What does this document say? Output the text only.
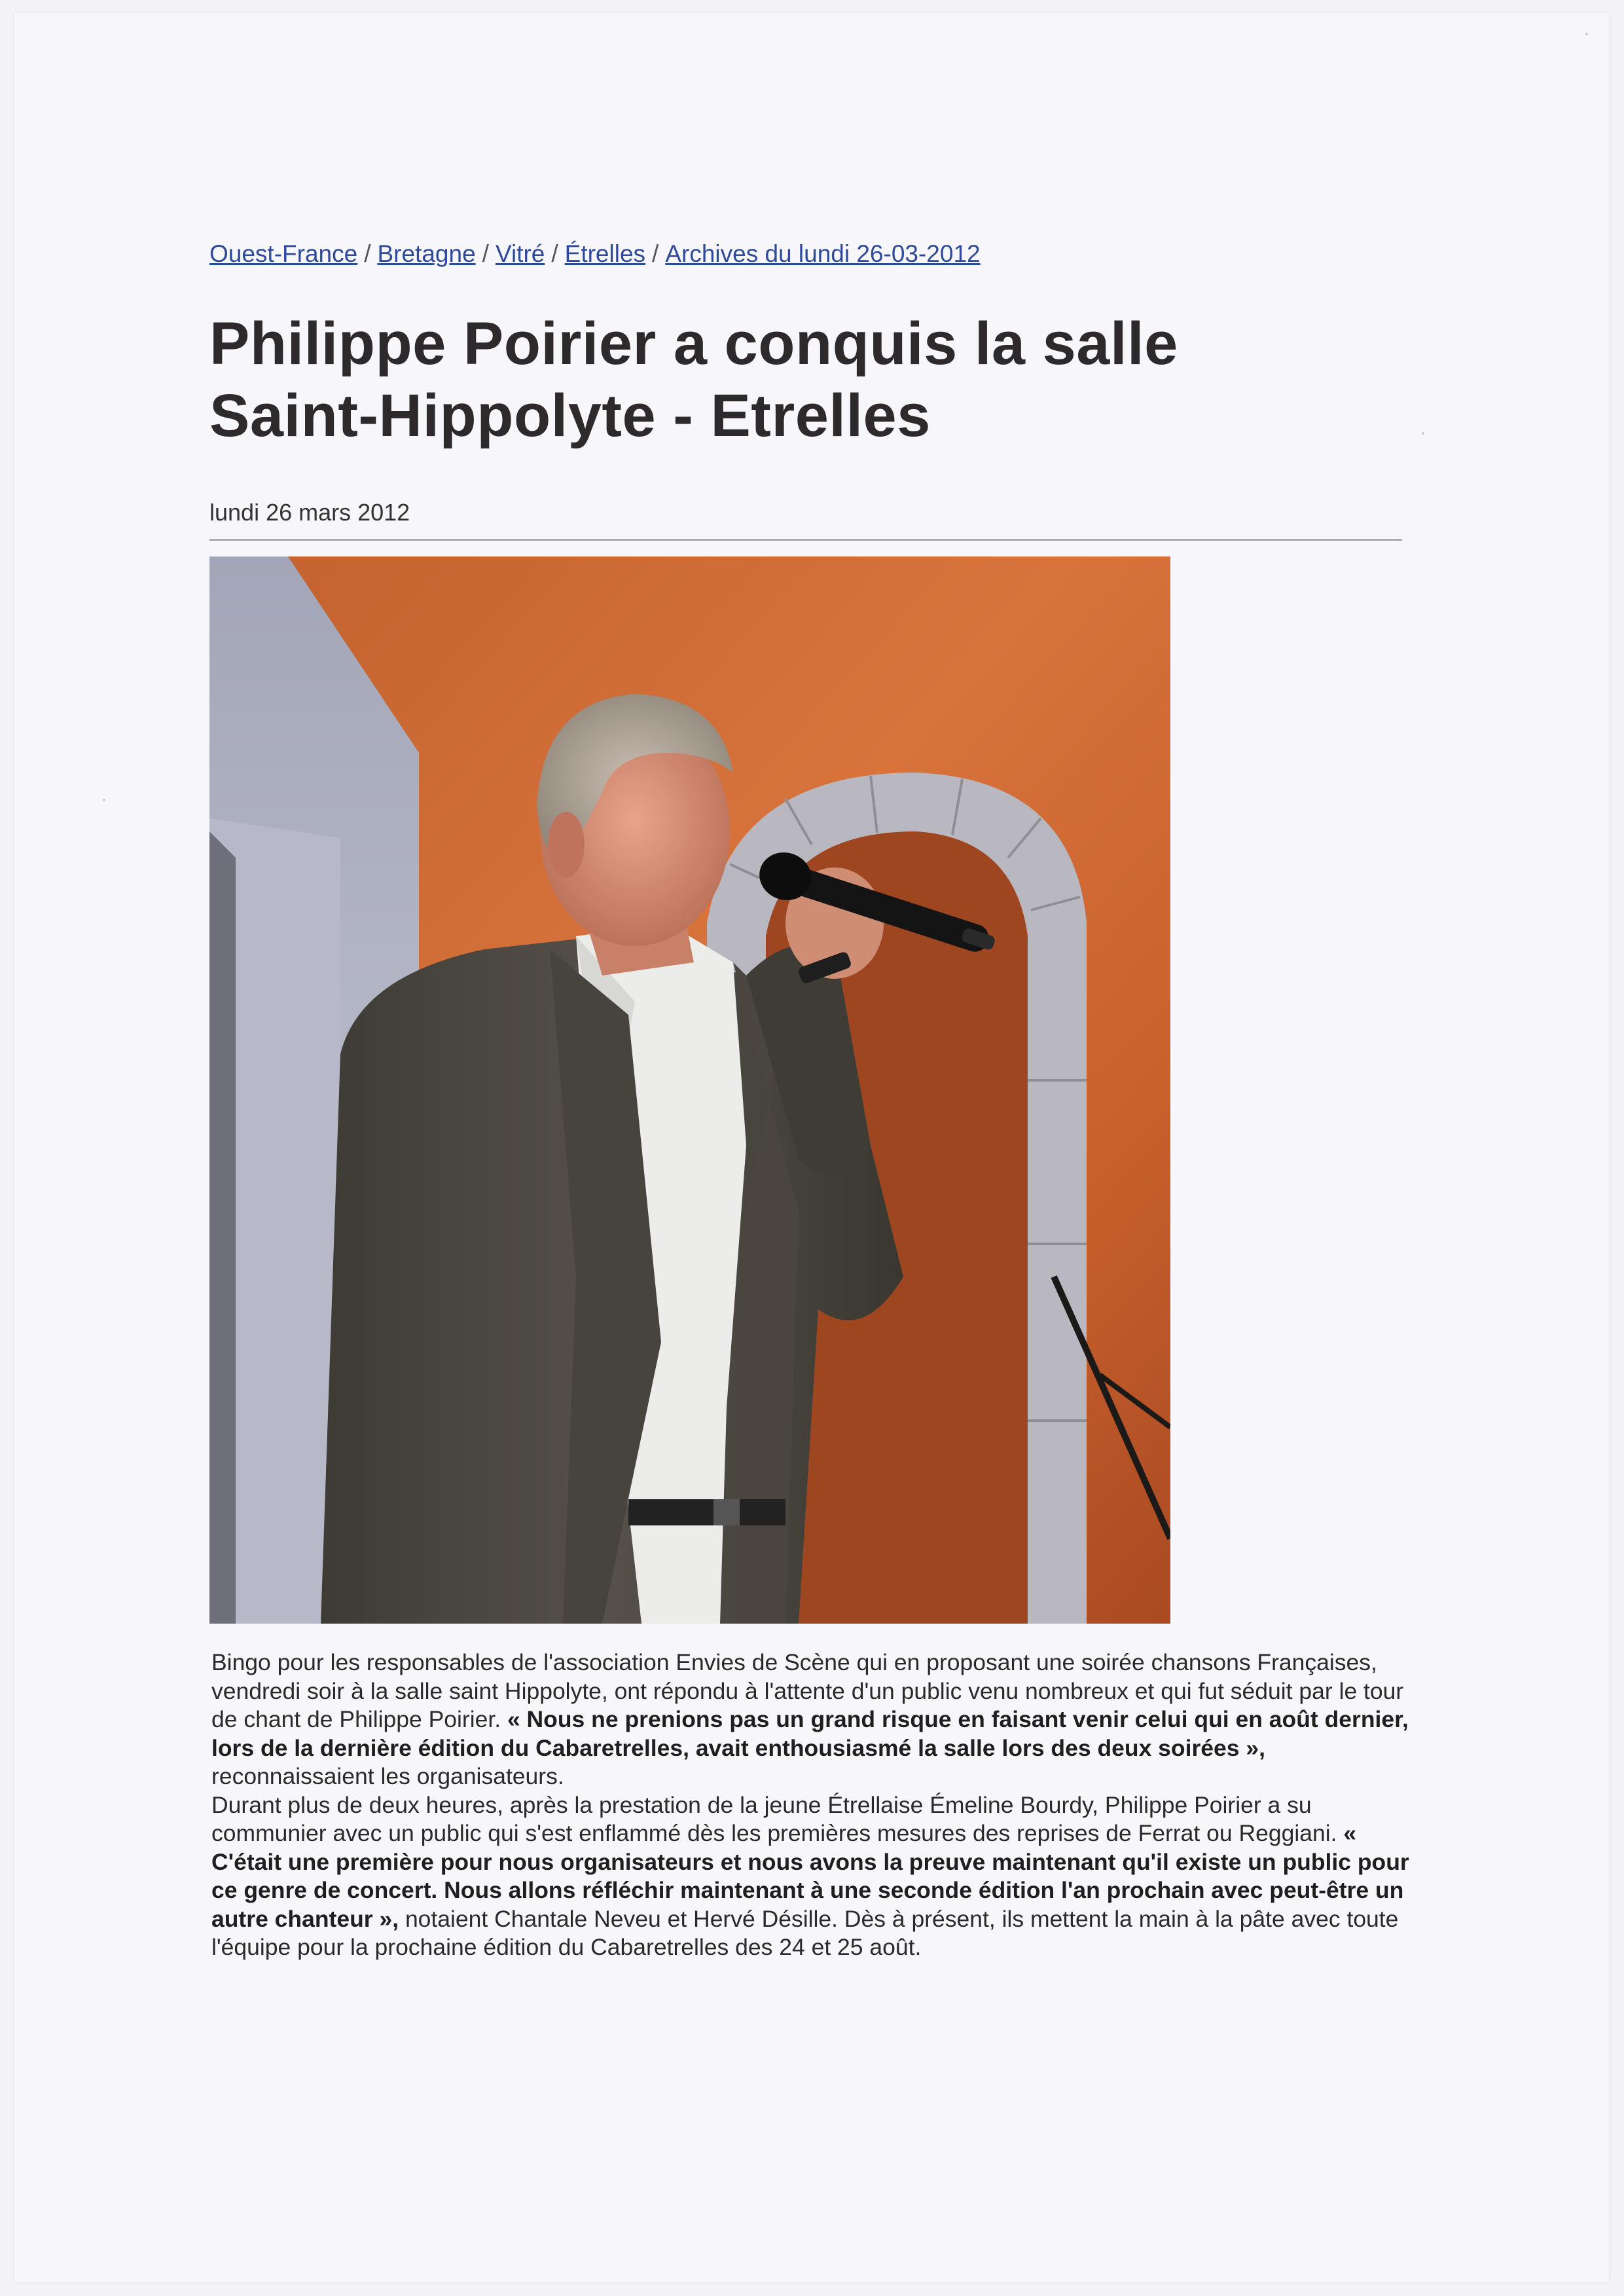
Ouest-France / Bretagne / Vitré / Étrelles / Archives du lundi 26-03-2012
Philippe Poirier a conquis la salle
Saint-Hippolyte - Etrelles
lundi 26 mars 2012

Bingo pour les responsables de l'association Envies de Scène qui en proposant une soirée chansons Françaises, vendredi soir à la salle saint Hippolyte, ont répondu à l'attente d'un public venu nombreux et qui fut séduit par le tour de chant de Philippe Poirier. « Nous ne prenions pas un grand risque en faisant venir celui qui en août dernier, lors de la dernière édition du Cabaretrelles, avait enthousiasmé la salle lors des deux soirées », reconnaissaient les organisateurs.

Durant plus de deux heures, après la prestation de la jeune Étrellaise Émeline Bourdy, Philippe Poirier a su communier avec un public qui s'est enflammé dès les premières mesures des reprises de Ferrat ou Reggiani. « C'était une première pour nous organisateurs et nous avons la preuve maintenant qu'il existe un public pour ce genre de concert. Nous allons réfléchir maintenant à une seconde édition l'an prochain avec peut-être un autre chanteur », notaient Chantale Neveu et Hervé Désille. Dès à présent, ils mettent la main à la pâte avec toute l'équipe pour la prochaine édition du Cabaretrelles des 24 et 25 août.
